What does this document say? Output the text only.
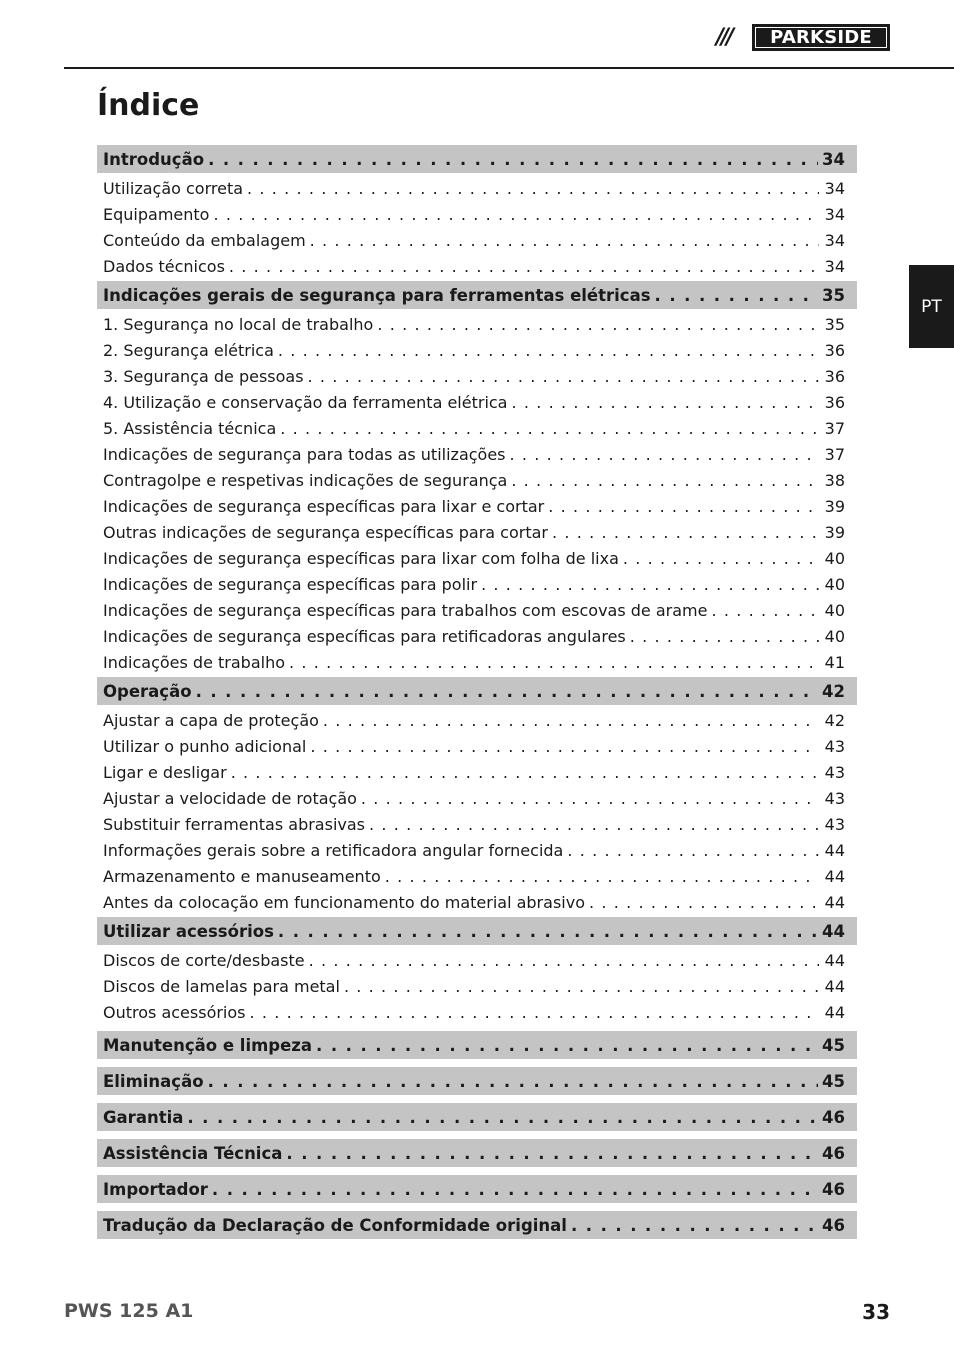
///	PARKSIDE
Índice
PT
Introdução . . .	34
Utilização correta . . .	34
Equipamento . . .	34
Conteúdo da embalagem . . .	34
Dados técnicos . . .	34
Indicações gerais de segurança para ferramentas elétricas . . .	35
1. Segurança no local de trabalho . . .	35
2. Segurança elétrica . . .	36
3. Segurança de pessoas . . .	36
4. Utilização e conservação da ferramenta elétrica . . .	36
5. Assistência técnica . . .	37
Indicações de segurança para todas as utilizações . . .	37
Contragolpe e respetivas indicações de segurança . . .	38
Indicações de segurança específicas para lixar e cortar . . .	39
Outras indicações de segurança específicas para cortar . . .	39
Indicações de segurança específicas para lixar com folha de lixa . . .	40
Indicações de segurança específicas para polir . . .	40
Indicações de segurança específicas para trabalhos com escovas de arame . . .	40
Indicações de segurança específicas para retificadoras angulares . . .	40
Indicações de trabalho . . .	41
Operação . . .	42
Ajustar a capa de proteção . . .	42
Utilizar o punho adicional . . .	43
Ligar e desligar . . .	43
Ajustar a velocidade de rotação . . .	43
Substituir ferramentas abrasivas . . .	43
Informações gerais sobre a retificadora angular fornecida . . .	44
Armazenamento e manuseamento . . .	44
Antes da colocação em funcionamento do material abrasivo . . .	44
Utilizar acessórios . . .	44
Discos de corte/desbaste . . .	44
Discos de lamelas para metal . . .	44
Outros acessórios . . .	44
Manutenção e limpeza . . .	45
Eliminação . . .	45
Garantia . . .	46
Assistência Técnica . . .	46
Importador . . .	46
Tradução da Declaração de Conformidade original . . .	46
PWS 125 A1	33
